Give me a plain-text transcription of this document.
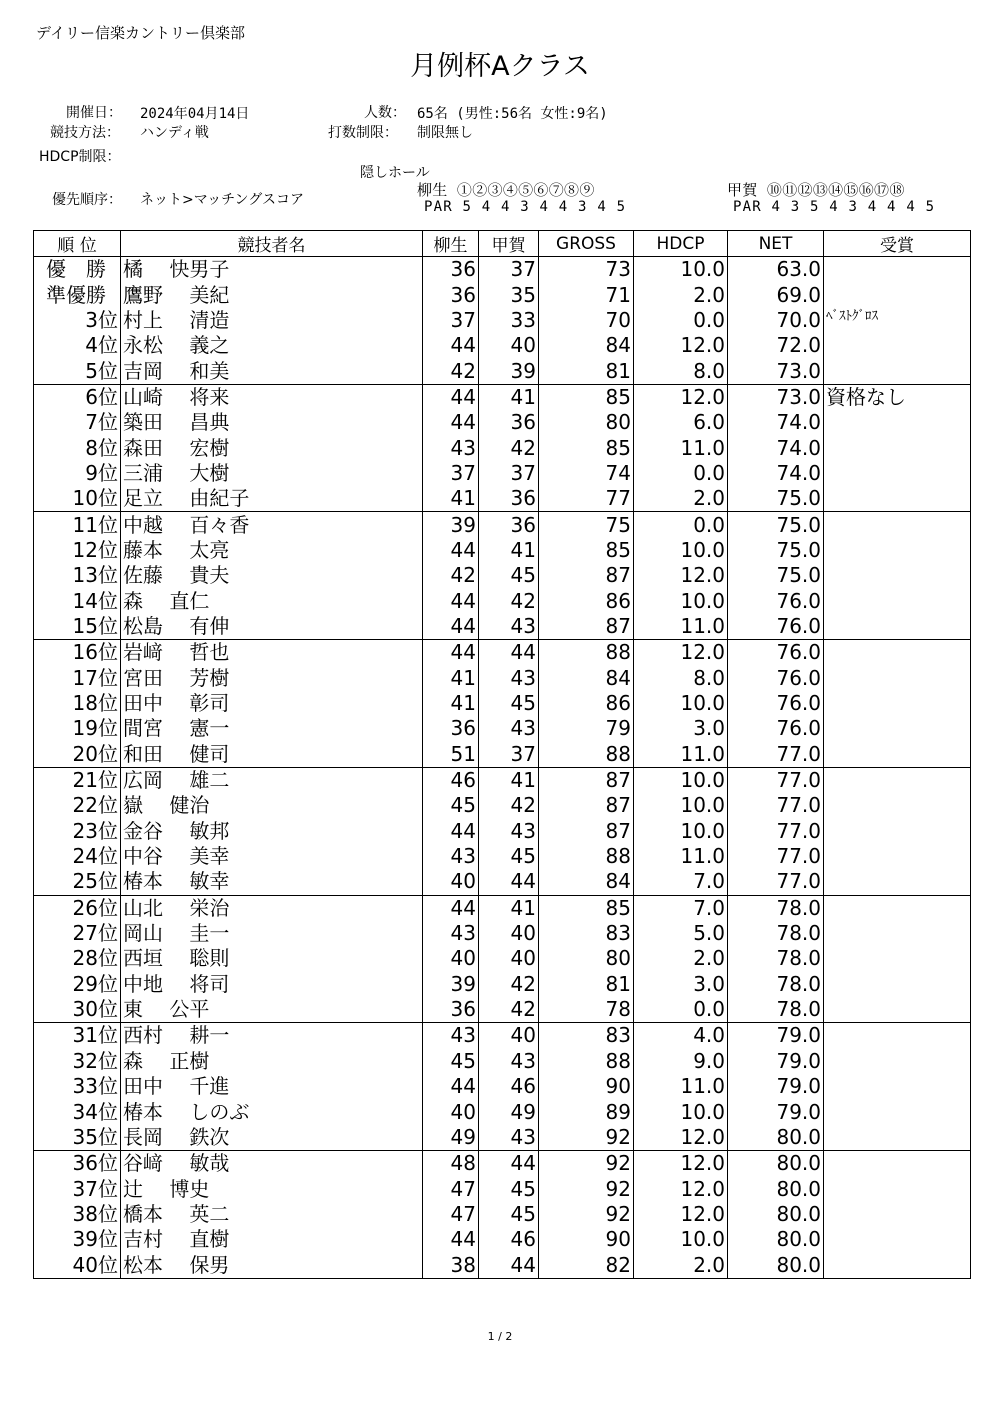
デイリー信楽カントリー倶楽部
月例杯Aクラス
開催日： 2024年04月14日
競技方法： ハンディ戦
HDCP制限：
優先順序： ネット>マッチングスコア
人数： 65名 (男性:56名 女性:9名)
打数制限： 制限無し
隠しホール
柳生 ①②③④⑤⑥⑦⑧⑨
PAR 5 4 4 3 4 4 3 4 5
甲賀 ⑩⑪⑫⑬⑭⑮⑯⑰⑱
PAR 4 3 5 4 3 4 4 4 5
順 位	競技者名	柳生	甲賀	GROSS	HDCP	NET	受賞
優　勝	橘　 快男子	36	37	73	10.0	63.0	
準優勝	鷹野　 美紀	36	35	71	2.0	69.0	
3位	村上　 清造	37	33	70	0.0	70.0	ﾍﾞｽﾄｸﾞﾛｽ
4位	永松　 義之	44	40	84	12.0	72.0	
5位	吉岡　 和美	42	39	81	8.0	73.0	
6位	山崎　 将来	44	41	85	12.0	73.0	資格なし
7位	築田　 昌典	44	36	80	6.0	74.0	
8位	森田　 宏樹	43	42	85	11.0	74.0	
9位	三浦　 大樹	37	37	74	0.0	74.0	
10位	足立　 由紀子	41	36	77	2.0	75.0	
11位	中越　 百々香	39	36	75	0.0	75.0	
12位	藤本　 太亮	44	41	85	10.0	75.0	
13位	佐藤　 貴夫	42	45	87	12.0	75.0	
14位	森　 直仁	44	42	86	10.0	76.0	
15位	松島　 有伸	44	43	87	11.0	76.0	
16位	岩﨑　 哲也	44	44	88	12.0	76.0	
17位	宮田　 芳樹	41	43	84	8.0	76.0	
18位	田中　 彰司	41	45	86	10.0	76.0	
19位	間宮　 憲一	36	43	79	3.0	76.0	
20位	和田　 健司	51	37	88	11.0	77.0	
21位	広岡　 雄二	46	41	87	10.0	77.0	
22位	嶽　 健治	45	42	87	10.0	77.0	
23位	金谷　 敏邦	44	43	87	10.0	77.0	
24位	中谷　 美幸	43	45	88	11.0	77.0	
25位	椿本　 敏幸	40	44	84	7.0	77.0	
26位	山北　 栄治	44	41	85	7.0	78.0	
27位	岡山　 圭一	43	40	83	5.0	78.0	
28位	西垣　 聡則	40	40	80	2.0	78.0	
29位	中地　 将司	39	42	81	3.0	78.0	
30位	東　 公平	36	42	78	0.0	78.0	
31位	西村　 耕一	43	40	83	4.0	79.0	
32位	森　 正樹	45	43	88	9.0	79.0	
33位	田中　 千進	44	46	90	11.0	79.0	
34位	椿本　 しのぶ	40	49	89	10.0	79.0	
35位	長岡　 鉄次	49	43	92	12.0	80.0	
36位	谷﨑　 敏哉	48	44	92	12.0	80.0	
37位	辻　 博史	47	45	92	12.0	80.0	
38位	橋本　 英二	47	45	92	12.0	80.0	
39位	吉村　 直樹	44	46	90	10.0	80.0	
40位	松本　 保男	38	44	82	2.0	80.0	
1 / 2
